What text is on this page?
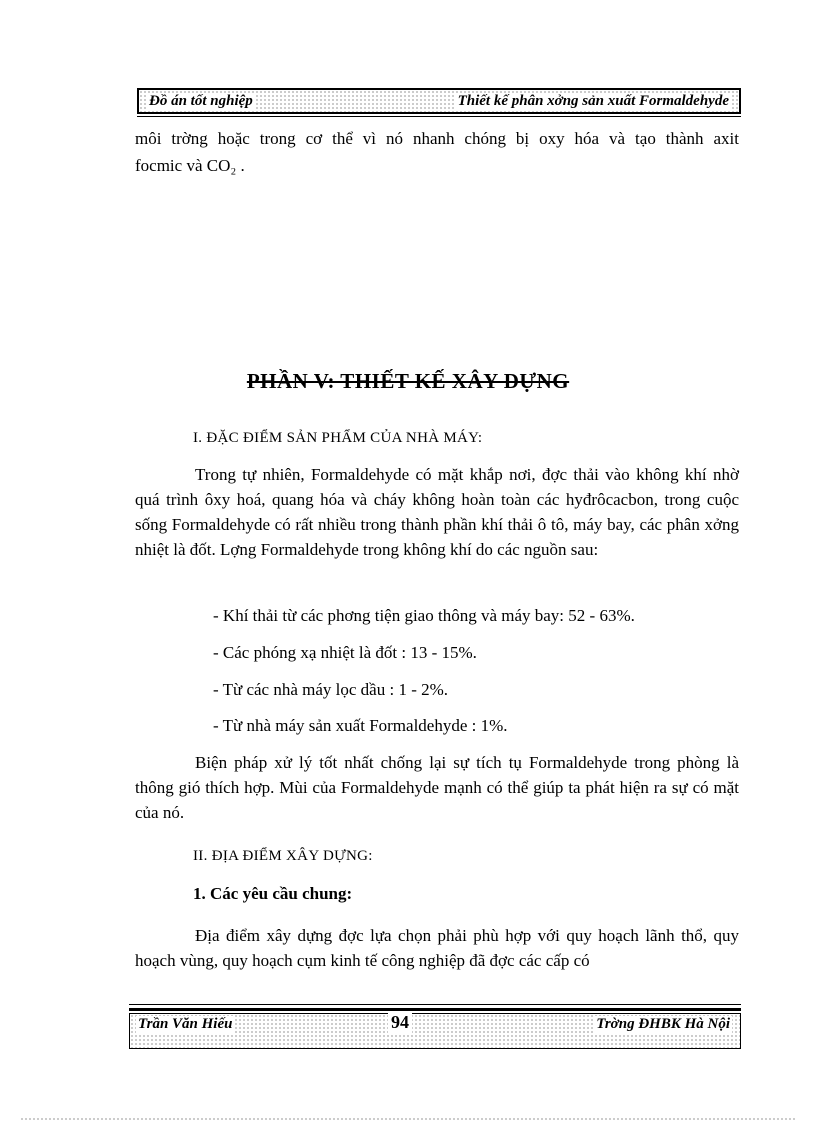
Đồ án tốt nghiệp	Thiết kế phân xởng sản xuất Formaldehyde

môi trờng hoặc trong cơ thể vì nó nhanh chóng bị oxy hóa và tạo thành axit

focmic và CO₂ .

PHẦN V: THIẾT KẾ XÂY DỰNG

I. ĐẶC ĐIỂM SẢN PHẨM CỦA NHÀ MÁY:

Trong tự nhiên, Formaldehyde có mặt khắp nơi, đợc thải vào không khí nhờ quá trình ôxy hoá, quang hóa và cháy không hoàn toàn các hyđrôcacbon, trong cuộc sống Formaldehyde có rất nhiều trong thành phần khí thải ô tô, máy bay, các phân xởng nhiệt là đốt. Lợng Formaldehyde trong không khí do các nguồn sau:

- Khí thải từ các phơng tiện giao thông và máy bay: 52 - 63%.

- Các phóng xạ nhiệt là đốt : 13 - 15%.

- Từ các nhà máy lọc dầu : 1 - 2%.

- Từ nhà máy sản xuất Formaldehyde : 1%.

Biện pháp xử lý tốt nhất chống lại sự tích tụ Formaldehyde trong phòng là thông gió thích hợp. Mùi của Formaldehyde mạnh có thể giúp ta phát hiện ra sự có mặt của nó.

II. ĐỊA ĐIỂM XÂY DỰNG:

1. Các yêu cầu chung:

Địa điểm xây dựng đợc lựa chọn phải phù hợp với quy hoạch lãnh thổ, quy hoạch vùng, quy hoạch cụm kinh tế công nghiệp đã đợc các cấp có

Trần Văn Hiếu	94	Trờng ĐHBK Hà Nội
